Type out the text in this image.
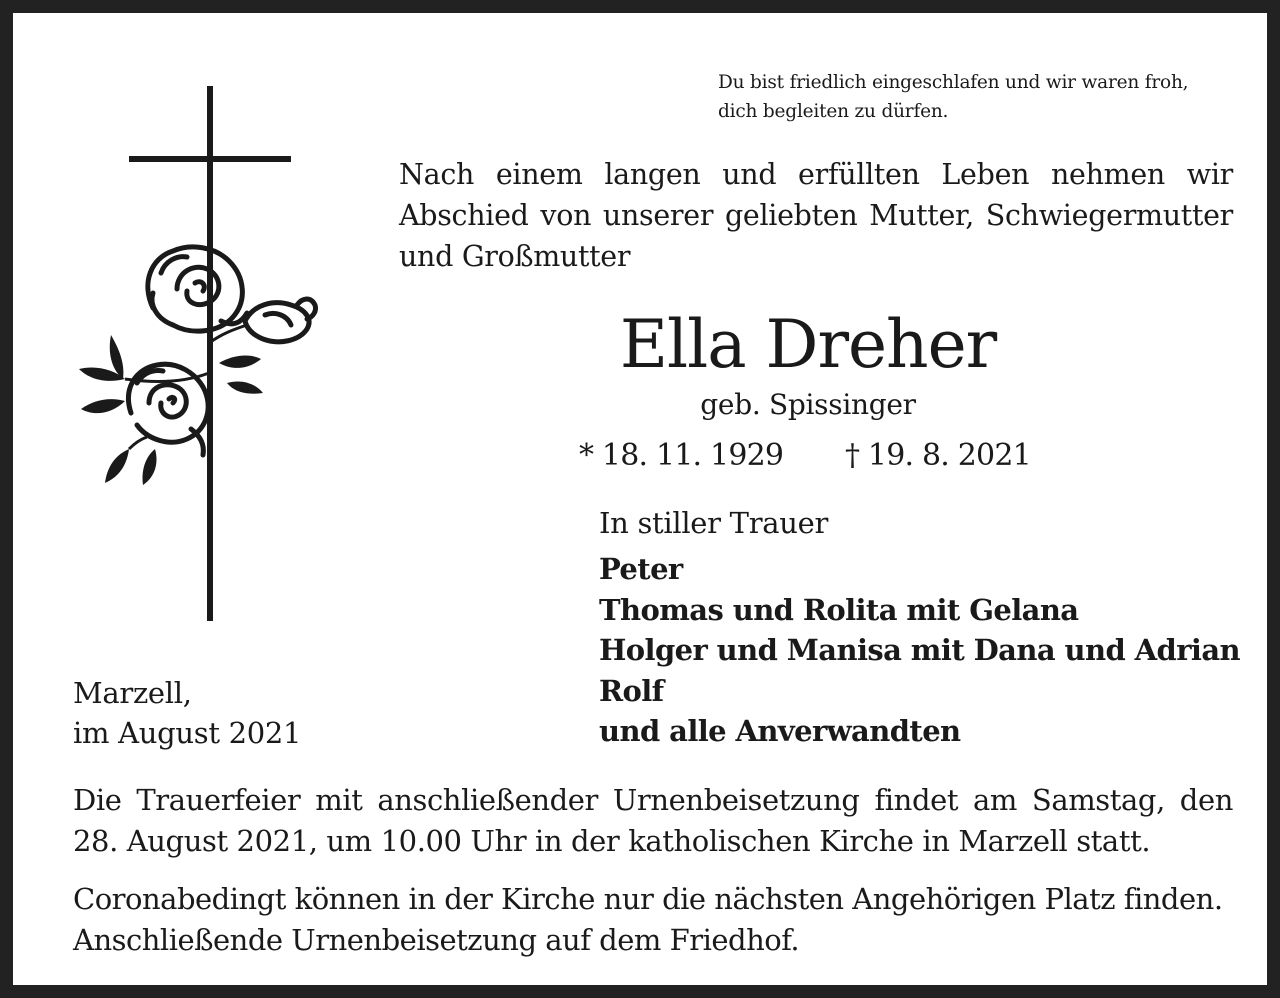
Du bist friedlich eingeschlafen und wir waren froh,
dich begleiten zu dürfen.
Nach einem langen und erfüllten Leben nehmen wir Abschied von unserer geliebten Mutter, Schwiegermutter und Großmutter
Ella Dreher
geb. Spissinger
* 18. 11. 1929 † 19. 8. 2021
In stiller Trauer
Peter
Thomas und Rolita mit Gelana
Holger und Manisa mit Dana und Adrian
Rolf
und alle Anverwandten
Marzell,
im August 2021
Die Trauerfeier mit anschließender Urnenbeisetzung findet am Samstag, den 28. August 2021, um 10.00 Uhr in der katholischen Kirche in Marzell statt.
Coronabedingt können in der Kirche nur die nächsten Angehörigen Platz finden.
Anschließende Urnenbeisetzung auf dem Friedhof.
